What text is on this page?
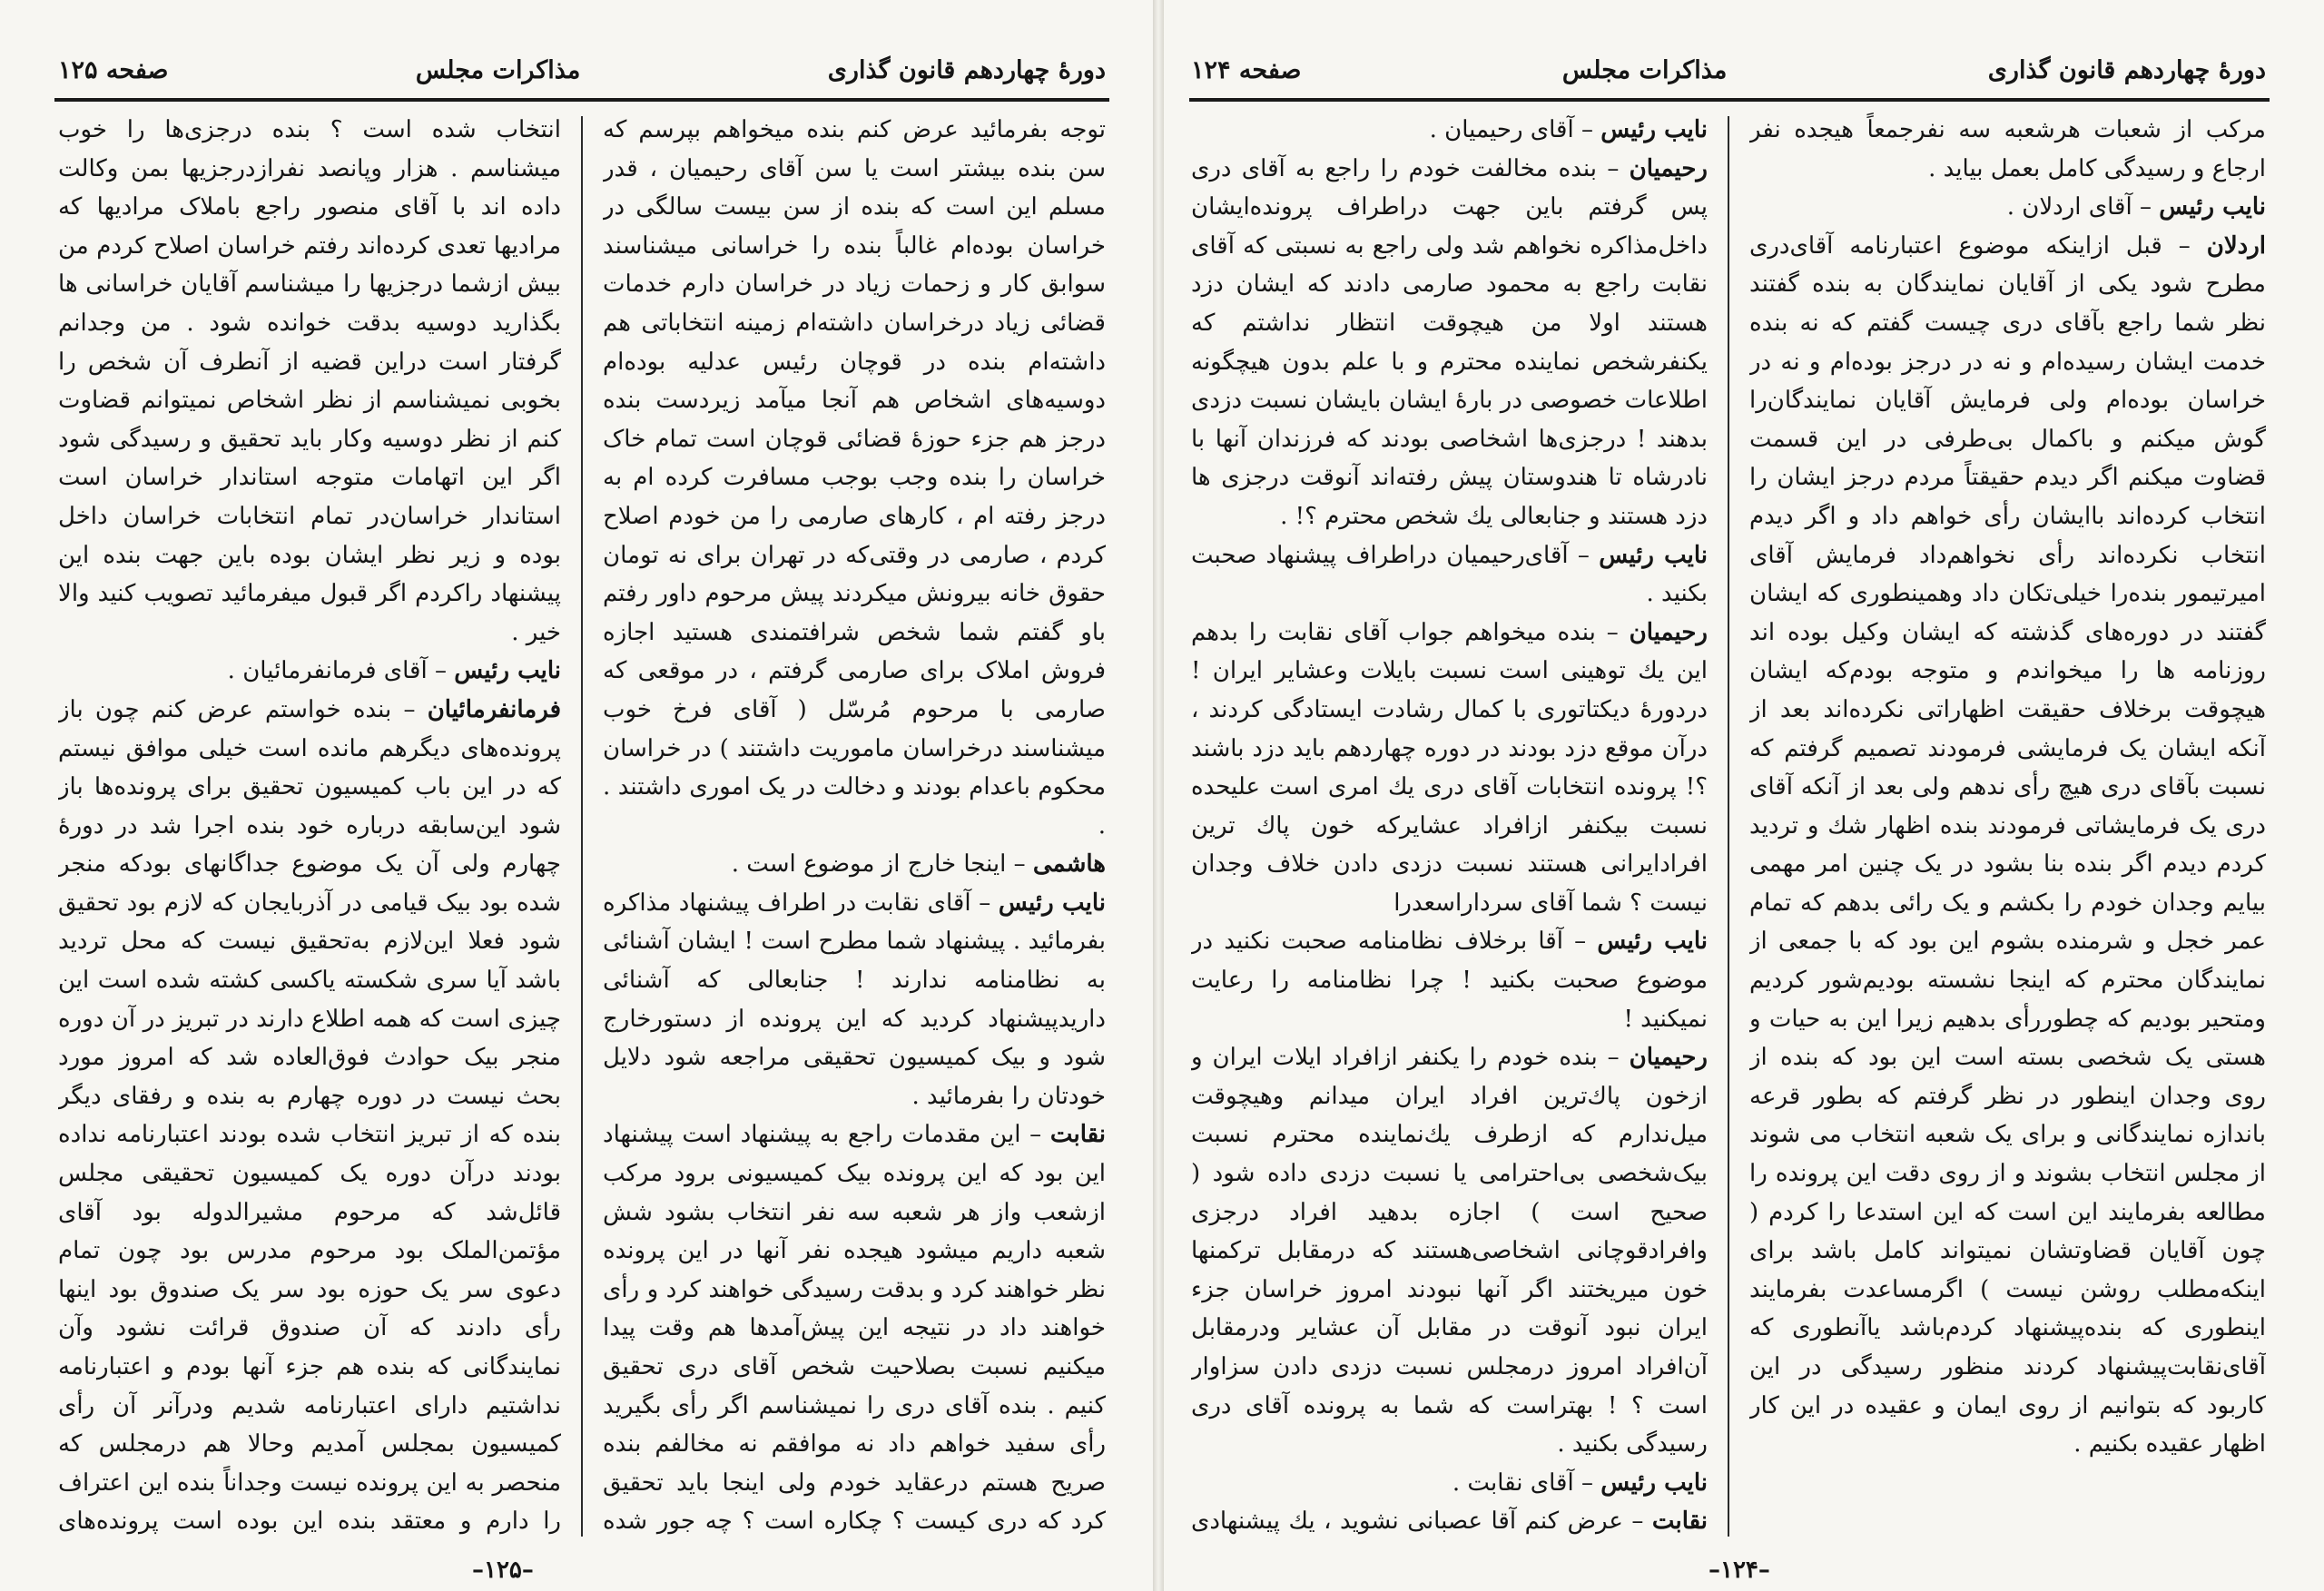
دورهٔ چهاردهم قانون گذاری
مذاکرات مجلس
صفحه ۱۲۵

توجه بفرمائید عرض کنم بنده میخواهم بپرسم که سن بنده بیشتر است یا سن آقای رحیمیان ، قدر مسلم این است که بنده از سن بیست سالگی در خراسان بوده‌ام غالباً بنده را خراسانی میشناسند سوابق کار و زحمات زیاد در خراسان دارم خدمات قضائی زیاد درخراسان داشته‌ام زمینه انتخاباتی هم داشته‌ام بنده در قوچان رئیس عدلیه بوده‌ام دوسیه‌های اشخاص هم آنجا میآمد زیردست بنده درجز هم جزء حوزهٔ قضائی قوچان است تمام خاک خراسان را بنده وجب بوجب مسافرت کرده ام به درجز رفته ام ، کارهای صارمی را من خودم اصلاح کردم ، صارمی در وقتی‌که در تهران برای نه تومان حقوق خانه بیرونش میکردند پیش مرحوم داور رفتم باو گفتم شما شخص شرافتمندی هستید اجازه فروش املاک برای صارمی گرفتم ، در موقعی که صارمی با مرحوم مُرسّل ( آقای فرخ خوب میشناسند درخراسان ماموریت داشتند ) در خراسان محکوم باعدام بودند و دخالت در یک اموری داشتند . .

هاشمی – اینجا خارج از موضوع است .

نایب رئیس – آقای نقابت در اطراف پیشنهاد مذاکره بفرمائید . پیشنهاد شما مطرح است ! ایشان آشنائی به نظامنامه ندارند ! جنابعالی که آشنائی داریدپیشنهاد کردید که این پرونده از دستورخارج شود و بیک کمیسیون تحقیقی مراجعه شود دلایل خودتان را بفرمائید .

نقابت – این مقدمات راجع به پیشنهاد است پیشنهاد این بود که این پرونده بیک کمیسیونی برود مرکب ازشعب واز هر شعبه سه نفر انتخاب بشود شش شعبه داریم میشود هیجده نفر آنها در این پرونده نظر خواهند کرد و بدقت رسیدگی خواهند کرد و رأی خواهند داد در نتیجه این پیش‌آمدها هم وقت پیدا میکنیم نسبت بصلاحیت شخص آقای دری تحقیق کنیم . بنده آقای دری را نمیشناسم اگر رأی بگیرید رأی سفید خواهم داد نه موافقم نه مخالفم بنده صریح هستم درعقاید خودم ولی اینجا باید تحقیق کرد که دری کیست ؟ چکاره است ؟ چه جور شده

انتخاب شده است ؟ بنده درجزی‌ها را خوب میشناسم . هزار وپانصد نفرازدرجزیها بمن وکالت داده اند با آقای منصور راجع باملاک مرادیها که مرادیها تعدی کرده‌اند رفتم خراسان اصلاح کردم من بیش ازشما درجزیها را میشناسم آقایان خراسانی ها بگذارید دوسیه بدقت خوانده شود . من وجدانم گرفتار است دراین قضیه از آنطرف آن شخص را بخوبی نمیشناسم از نظر اشخاص نمیتوانم قضاوت کنم از نظر دوسیه وکار باید تحقیق و رسیدگی شود اگر این اتهامات متوجه استاندار خراسان است استاندار خراسان‌در تمام انتخابات خراسان داخل بوده و زیر نظر ایشان بوده باین جهت بنده این پیشنهاد راکردم اگر قبول میفرمائید تصویب کنید والا خیر .

نایب رئیس – آقای فرمانفرمائیان .

فرمانفرمائیان – بنده خواستم عرض کنم چون باز پرونده‌های دیگرهم مانده است خیلی موافق نیستم که در این باب کمیسیون تحقیق برای پرونده‌ها باز شود این‌سابقه درباره خود بنده اجرا شد در دورهٔ چهارم ولی آن یک موضوع جداگانهای بودکه منجر شده بود بیک قیامی در آذربایجان که لازم بود تحقیق شود فعلا این‌لازم به‌تحقیق نیست که محل تردید باشد آیا سری شکسته یاکسی کشته شده است این چیزی است که همه اطلاع دارند در تبریز در آن دوره منجر بیک حوادث فوق‌العاده شد که امروز مورد بحث نیست در دوره چهارم به بنده و رفقای دیگر بنده که از تبریز انتخاب شده بودند اعتبارنامه نداده بودند درآن دوره یک کمیسیون تحقیقی مجلس قائل‌شد که مرحوم مشیرالدوله بود آقای مؤتمن‌الملک بود مرحوم مدرس بود چون تمام دعوی سر یک حوزه بود سر یک صندوق بود اینها رأی دادند که آن صندوق قرائت نشود وآن نمایندگانی که بنده هم جزء آنها بودم و اعتبارنامه نداشتیم دارای اعتبارنامه شدیم ودرآنر آن رأی کمیسیون بمجلس آمدیم وحالا هم درمجلس که منحصر به این پرونده نیست وجداناً بنده این اعتراف را دارم و معتقد بنده این بوده است پرونده‌های

–۱۲۵–
دورهٔ چهاردهم قانون گذاری
مذاکرات مجلس
صفحه ۱۲۴

مرکب از شعبات هرشعبه سه نفرجمعاً هیجده نفر ارجاع و رسیدگی کامل بعمل بیاید .

نایب رئیس – آقای اردلان .

اردلان – قبل ازاینکه موضوع اعتبارنامه آقای‌دری مطرح شود یکی از آقایان نمایندگان به بنده گفتند نظر شما راجع بآقای دری چیست گفتم که نه بنده خدمت ایشان رسیده‌ام و نه در درجز بوده‌ام و نه در خراسان بوده‌ام ولی فرمایش آقایان نمایندگان‌را گوش میکنم و باکمال بی‌طرفی در این قسمت قضاوت میکنم اگر دیدم حقیقتاً مردم درجز ایشان را انتخاب کرده‌اند باایشان رأی خواهم داد و اگر دیدم انتخاب نکرده‌اند رأی نخواهم‌داد فرمایش آقای امیرتیمور بنده‌را خیلی‌تکان داد وهمینطوری که ایشان گفتند در دوره‌های گذشته که ایشان وکیل بوده اند روزنامه ها را میخواندم و متوجه بودم‌که ایشان هیچوقت برخلاف حقیقت اظهاراتی نکرده‌اند بعد از آنکه ایشان یک فرمایشی فرمودند تصمیم گرفتم که نسبت بآقای دری هیچ رأی ندهم ولی بعد از آنکه آقای دری یک فرمایشاتی فرمودند بنده اظهار شك و تردید کردم دیدم اگر بنده بنا بشود در یک چنین امر مهمی بیایم وجدان خودم را بکشم و یک رائی بدهم که تمام عمر خجل و شرمنده بشوم این بود که با جمعی از نمایندگان محترم که اینجا نشسته بودیم‌شور کردیم ومتحیر بودیم که چطوررأی بدهیم زیرا این به حیات و هستی یک شخصی بسته است این بود که بنده از روی وجدان اینطور در نظر گرفتم که بطور قرعه باندازه نمایندگانی و برای یک شعبه انتخاب می شوند از مجلس انتخاب بشوند و از روی دقت این پرونده را مطالعه بفرمایند این است که این استدعا را کردم ( چون آقایان قضاوتشان نمیتواند کامل باشد برای اینکه‌مطلب روشن نیست ) اگرمساعدت بفرمایند اینطوری که بنده‌پیشنهاد کردم‌باشد یاآنطوری که آقای‌نقابت‌پیشنهاد کردند منظور رسیدگی در این کاربود که بتوانیم از روی ایمان و عقیده در این کار اظهار عقیده بکنیم .

نایب رئیس – آقای رحیمیان .

رحیمیان – بنده مخالفت خودم را راجع به آقای دری پس گرفتم باین جهت دراطراف پرونده‌ایشان داخل‌مذاکره نخواهم شد ولی راجع به نسبتی که آقای نقابت راجع به محمود صارمی دادند که ایشان دزد هستند اولا من هیچوقت انتظار نداشتم که یکنفرشخص نماینده محترم و با علم بدون هیچگونه اطلاعات خصوصی در بارهٔ ایشان بایشان نسبت دزدی بدهند ! درجزی‌ها اشخاصی بودند که فرزندان آنها با نادرشاه تا هندوستان پیش رفته‌اند آنوقت درجزی ها دزد هستند و جنابعالی یك شخص محترم ؟! .

نایب رئیس – آقای‌رحیمیان دراطراف پیشنهاد صحبت بکنید .

رحیمیان – بنده میخواهم جواب آقای نقابت را بدهم این یك توهینی است نسبت بایلات وعشایر ایران ! دردورهٔ دیکتاتوری با کمال رشادت ایستادگی کردند ، درآن موقع دزد بودند در دوره چهاردهم باید دزد باشند ؟! پرونده انتخابات آقای دری یك امری است علیحده نسبت بیکنفر ازافراد عشایرکه خون پاك ترین افرادایرانی هستند نسبت دزدی دادن خلاف وجدان نیست ؟ شما آقای سرداراسعدرا

نایب رئیس – آقا برخلاف نظامنامه صحبت نکنید در موضوع صحبت بکنید ! چرا نظامنامه را رعایت نمیکنید !

رحیمیان – بنده خودم را یکنفر ازافراد ایلات ایران و ازخون پاك‌ترین افراد ایران میدانم وهیچوقت میل‌ندارم که ازطرف یك‌نماینده محترم نسبت بیک‌شخصی بی‌احترامی یا نسبت دزدی داده شود ( صحیح است ) اجازه بدهید افراد درجزی وافرادقوچانی اشخاصی‌هستند که درمقابل ترکمنها خون میریختند اگر آنها نبودند امروز خراسان جزء ایران نبود آنوقت در مقابل آن عشایر ودرمقابل آن‌افراد امروز درمجلس نسبت دزدی دادن سزاوار است ؟ ! بهتراست که شما به پرونده آقای دری رسیدگی بکنید .

نایب رئیس – آقای نقابت .

نقابت – عرض کنم آقا عصبانی نشوید ، یك پیشنهادی

–۱۲۴–
